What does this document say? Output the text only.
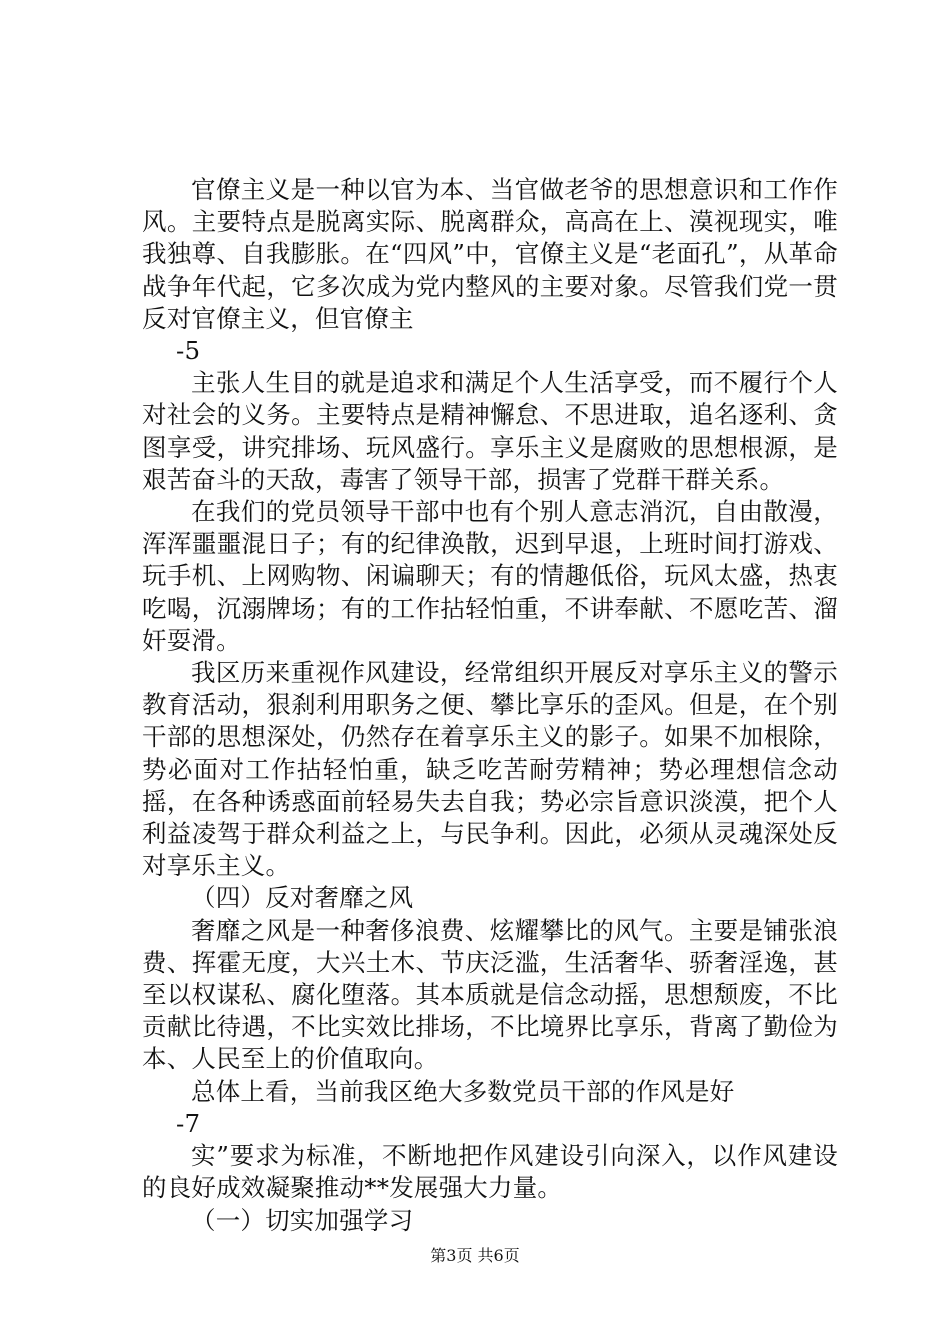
官僚主义是一种以官为本、当官做老爷的思想意识和工作作风。主要特点是脱离实际、脱离群众，高高在上、漠视现实，唯我独尊、自我膨胀。在“四风”中，官僚主义是“老面孔”，从革命战争年代起，它多次成为党内整风的主要对象。尽管我们党一贯反对官僚主义，但官僚主

-5

主张人生目的就是追求和满足个人生活享受，而不履行个人对社会的义务。主要特点是精神懈怠、不思进取，追名逐利、贪图享受，讲究排场、玩风盛行。享乐主义是腐败的思想根源，是艰苦奋斗的天敌，毒害了领导干部，损害了党群干群关系。

在我们的党员领导干部中也有个别人意志消沉，自由散漫，浑浑噩噩混日子；有的纪律涣散，迟到早退，上班时间打游戏、玩手机、上网购物、闲谝聊天；有的情趣低俗，玩风太盛，热衷吃喝，沉溺牌场；有的工作拈轻怕重，不讲奉献、不愿吃苦、溜奸耍滑。

我区历来重视作风建设，经常组织开展反对享乐主义的警示教育活动，狠刹利用职务之便、攀比享乐的歪风。但是，在个别干部的思想深处，仍然存在着享乐主义的影子。如果不加根除，势必面对工作拈轻怕重，缺乏吃苦耐劳精神；势必理想信念动摇，在各种诱惑面前轻易失去自我；势必宗旨意识淡漠，把个人利益凌驾于群众利益之上，与民争利。因此，必须从灵魂深处反对享乐主义。

（四）反对奢靡之风

奢靡之风是一种奢侈浪费、炫耀攀比的风气。主要是铺张浪费、挥霍无度，大兴土木、节庆泛滥，生活奢华、骄奢淫逸，甚至以权谋私、腐化堕落。其本质就是信念动摇，思想颓废，不比贡献比待遇，不比实效比排场，不比境界比享乐，背离了勤俭为本、人民至上的价值取向。

总体上看，当前我区绝大多数党员干部的作风是好

-7

实”要求为标准，不断地把作风建设引向深入，以作风建设的良好成效凝聚推动**发展强大力量。

（一）切实加强学习

第3页 共6页
